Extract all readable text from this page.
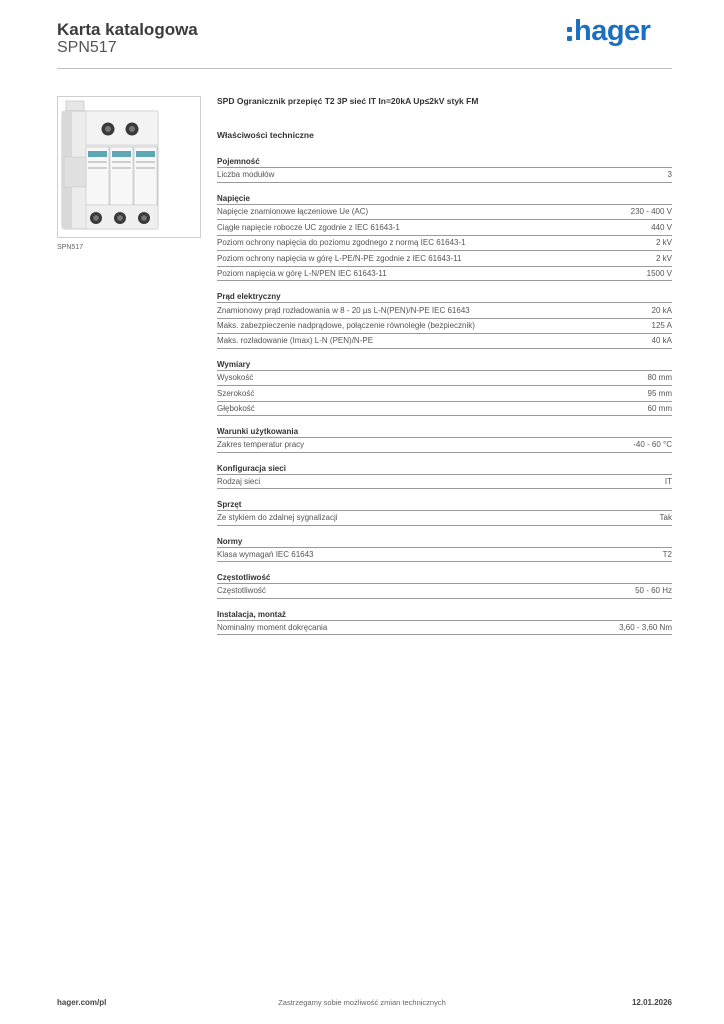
Karta katalogowa
SPN517
hager
SPN517
SPD Ogranicznik przepięć T2 3P sieć IT In=20kA Up≤2kV styk FM
Właściwości techniczne
Pojemność
Liczba modułów	3
Napięcie
Napięcie znamionowe łączeniowe Ue (AC)	230 - 400 V
Ciągłe napięcie robocze UC zgodnie z IEC 61643-1	440 V
Poziom ochrony napięcia do poziomu zgodnego z normą IEC 61643-1	2 kV
Poziom ochrony napięcia w górę L-PE/N-PE zgodnie z IEC 61643-11	2 kV
Poziom napięcia w górę L-N/PEN IEC 61643-11	1500 V
Prąd elektryczny
Znamionowy prąd rozładowania w 8 - 20 µs L-N(PEN)/N-PE IEC 61643	20 kA
Maks. zabezpieczenie nadprądowe, połączenie równoległe (bezpiecznik)	125 A
Maks. rozładowanie (Imax) L-N (PEN)/N-PE	40 kA
Wymiary
Wysokość	80 mm
Szerokość	95 mm
Głębokość	60 mm
Warunki użytkowania
Zakres temperatur pracy	-40 - 60 °C
Konfiguracja sieci
Rodzaj sieci	IT
Sprzęt
Ze stykiem do zdalnej sygnalizacji	Tak
Normy
Klasa wymagań IEC 61643	T2
Częstotliwość
Częstotliwość	50 - 60 Hz
Instalacja, montaż
Nominalny moment dokręcania	3,60 - 3,60 Nm
hager.com/pl	Zastrzegamy sobie możliwość zmian technicznych	12.01.2026
